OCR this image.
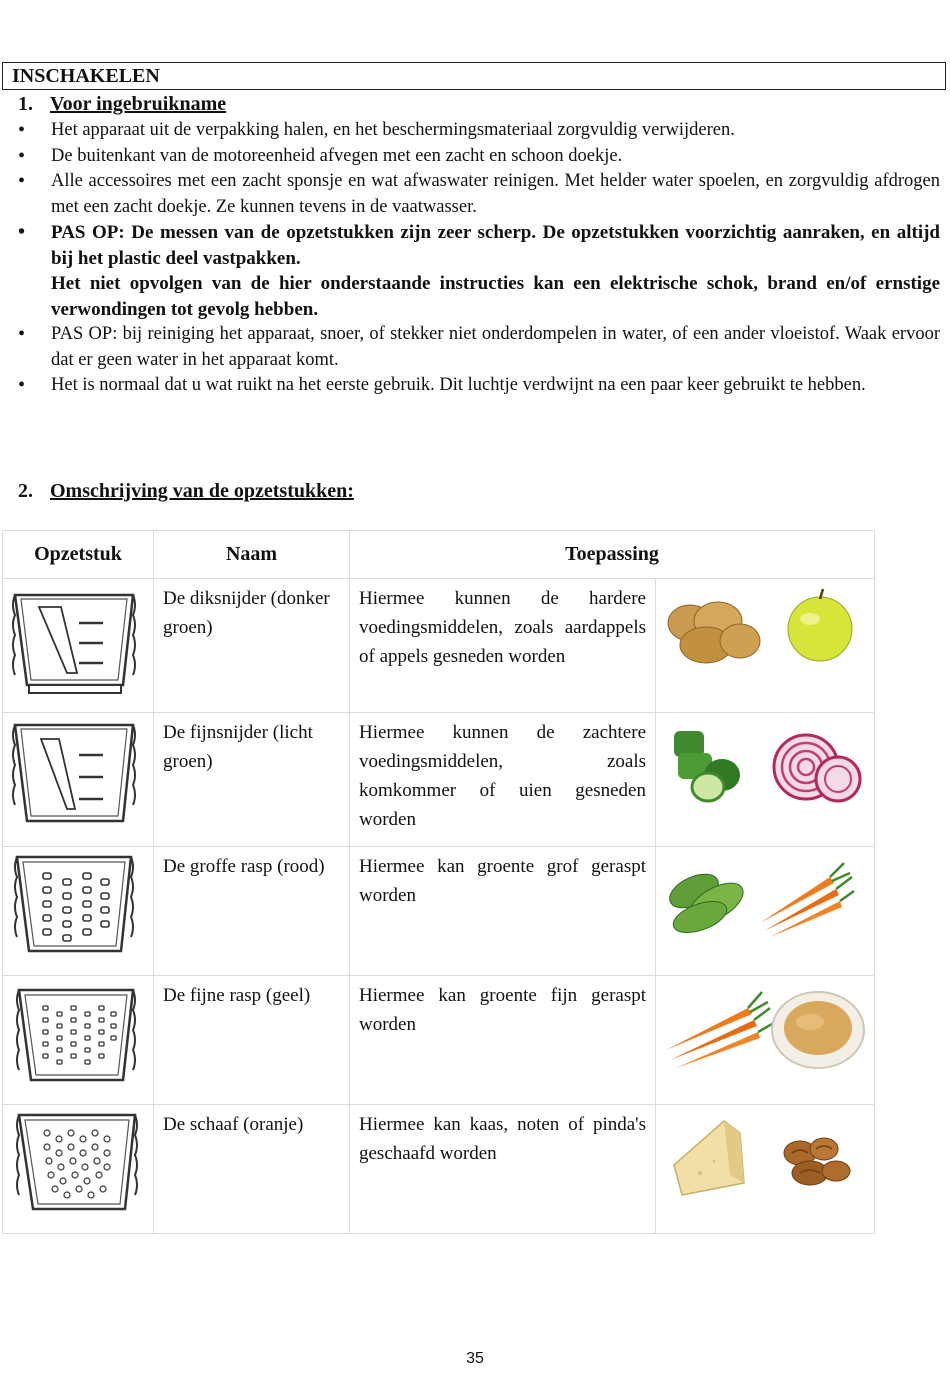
INSCHAKELEN
1. Voor ingebruikname
• Het apparaat uit de verpakking halen, en het beschermingsmateriaal zorgvuldig verwijderen.
• De buitenkant van de motoreenheid afvegen met een zacht en schoon doekje.
• Alle accessoires met een zacht sponsje en wat afwaswater reinigen. Met helder water spoelen, en zorgvuldig afdrogen met een zacht doekje. Ze kunnen tevens in de vaatwasser.
• PAS OP: De messen van de opzetstukken zijn zeer scherp. De opzetstukken voorzichtig aanraken, en altijd bij het plastic deel vastpakken.
Het niet opvolgen van de hier onderstaande instructies kan een elektrische schok, brand en/of ernstige verwondingen tot gevolg hebben.
• PAS OP: bij reiniging het apparaat, snoer, of stekker niet onderdompelen in water, of een ander vloeistof. Waak ervoor dat er geen water in het apparaat komt.
• Het is normaal dat u wat ruikt na het eerste gebruik. Dit luchtje verdwijnt na een paar keer gebruikt te hebben.
2. Omschrijving van de opzetstukken:
Opzetstuk	Naam	Toepassing	

	De diksnijder (donker groen)	Hiermee kunnen de hardere voedingsmiddelen, zoals aardappels of appels gesneden worden	

	De fijnsnijder (licht groen)	Hiermee kunnen de zachtere voedingsmiddelen, zoals komkommer of uien gesneden worden	

	De groffe rasp (rood)	Hiermee kan groente grof geraspt worden	

	De fijne rasp (geel)	Hiermee kan groente fijn geraspt worden	

	De schaaf (oranje)	Hiermee kan kaas, noten of pinda's geschaafd worden	
35
